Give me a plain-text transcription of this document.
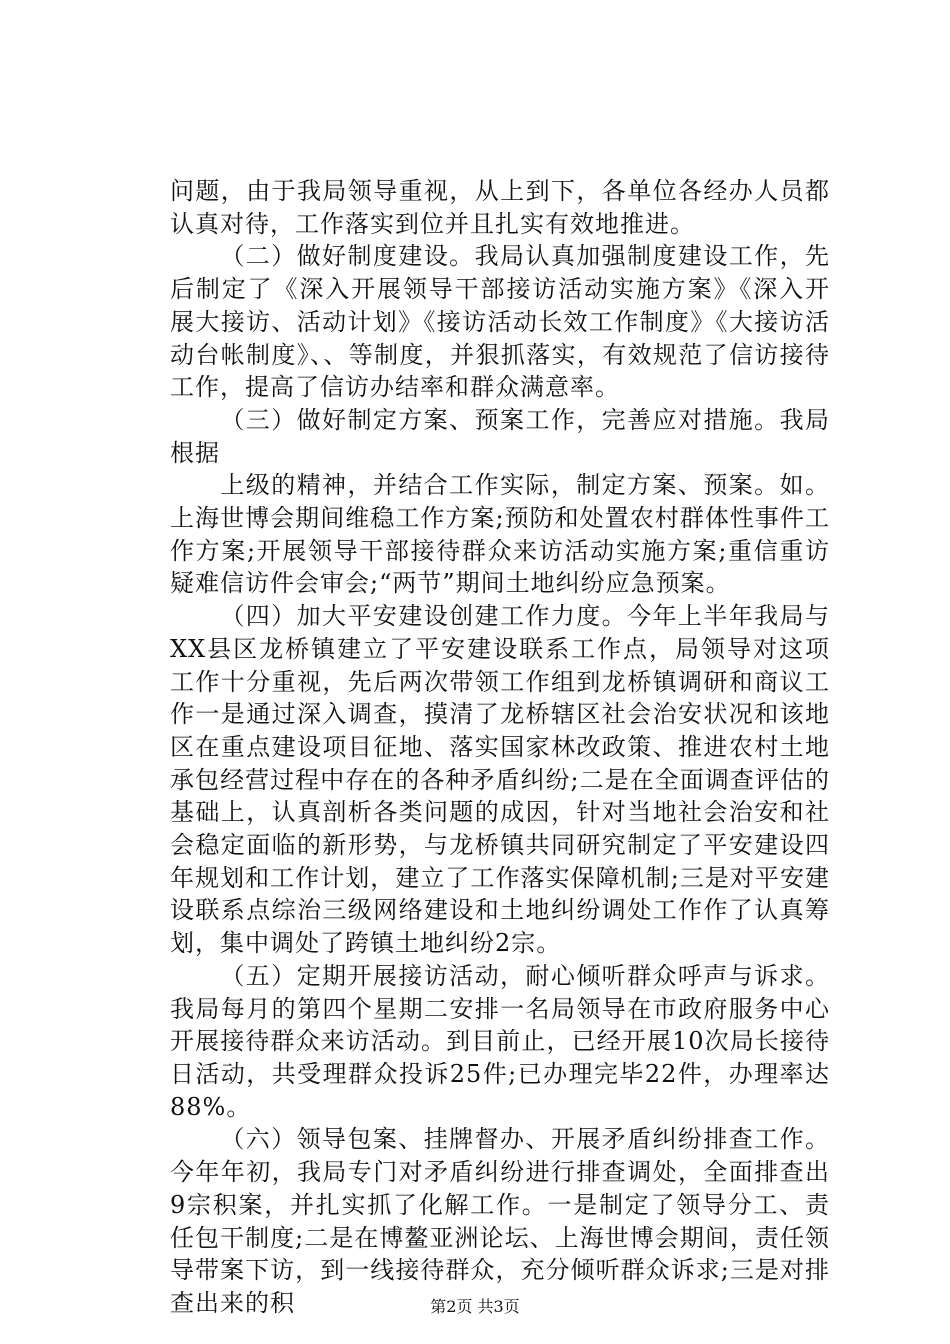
问题，由于我局领导重视，从上到下，各单位各经办人员都认真对待，工作落实到位并且扎实有效地推进。

（二）做好制度建设。我局认真加强制度建设工作，先后制定了《深入开展领导干部接访活动实施方案》《深入开展大接访、活动计划》《接访活动长效工作制度》《大接访活动台帐制度》、、等制度，并狠抓落实，有效规范了信访接待工作，提高了信访办结率和群众满意率。

（三）做好制定方案、预案工作，完善应对措施。我局根据

上级的精神，并结合工作实际，制定方案、预案。如。上海世博会期间维稳工作方案;预防和处置农村群体性事件工作方案;开展领导干部接待群众来访活动实施方案;重信重访疑难信访件会审会;“两节”期间土地纠纷应急预案。

（四）加大平安建设创建工作力度。今年上半年我局与XX县区龙桥镇建立了平安建设联系工作点，局领导对这项工作十分重视，先后两次带领工作组到龙桥镇调研和商议工作一是通过深入调查，摸清了龙桥辖区社会治安状况和该地区在重点建设项目征地、落实国家林改政策、推进农村土地承包经营过程中存在的各种矛盾纠纷;二是在全面调查评估的基础上，认真剖析各类问题的成因，针对当地社会治安和社会稳定面临的新形势，与龙桥镇共同研究制定了平安建设四年规划和工作计划，建立了工作落实保障机制;三是对平安建设联系点综治三级网络建设和土地纠纷调处工作作了认真筹划，集中调处了跨镇土地纠纷2宗。

（五）定期开展接访活动，耐心倾听群众呼声与诉求。我局每月的第四个星期二安排一名局领导在市政府服务中心开展接待群众来访活动。到目前止，已经开展10次局长接待日活动，共受理群众投诉25件;已办理完毕22件，办理率达88%。

（六）领导包案、挂牌督办、开展矛盾纠纷排查工作。今年年初，我局专门对矛盾纠纷进行排查调处，全面排查出9宗积案，并扎实抓了化解工作。一是制定了领导分工、责任包干制度;二是在博鳌亚洲论坛、上海世博会期间，责任领导带案下访，到一线接待群众，充分倾听群众诉求;三是对排查出来的积	第2页 共3页
